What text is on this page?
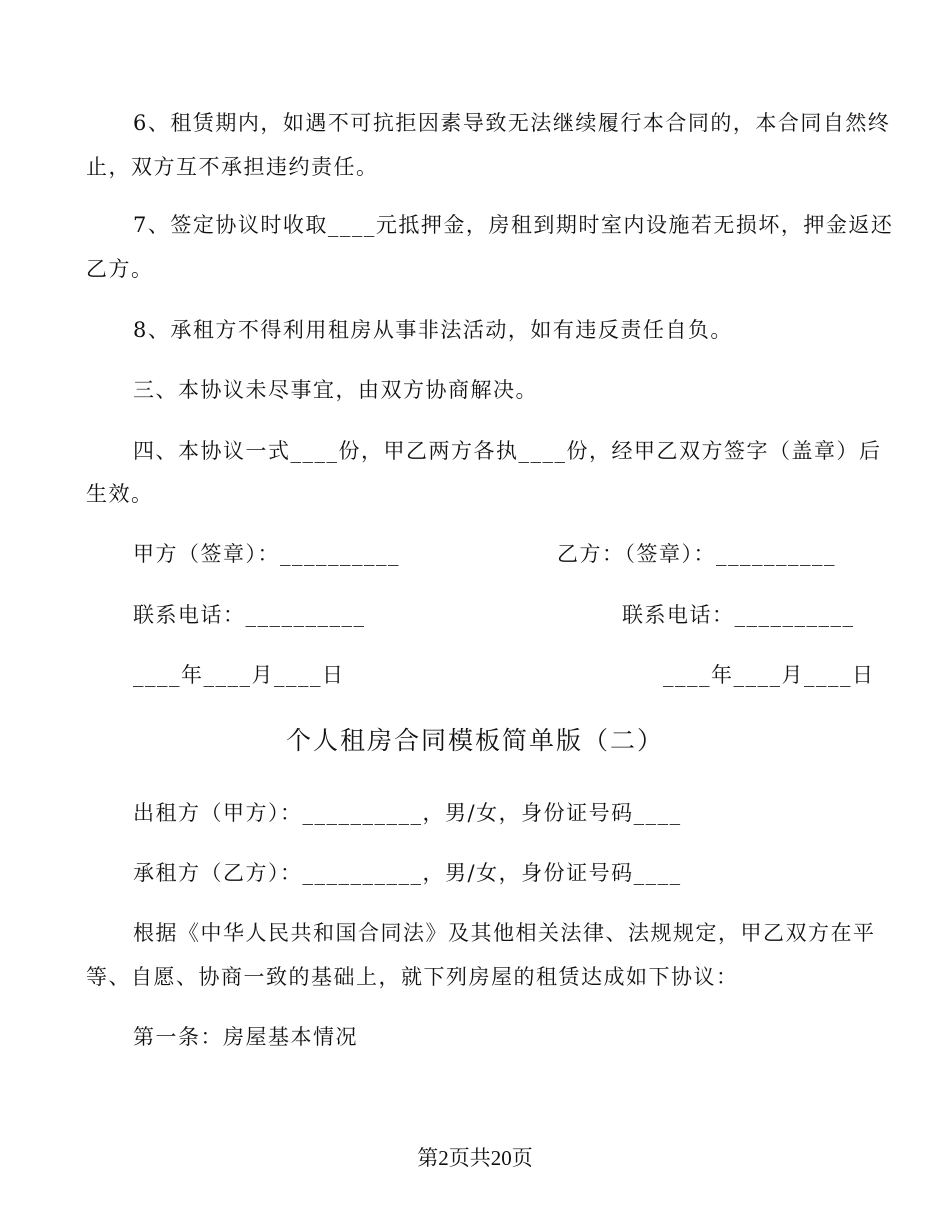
6、租赁期内，如遇不可抗拒因素导致无法继续履行本合同的，本合同自然终
止，双方互不承担违约责任。
7、签定协议时收取____元抵押金，房租到期时室内设施若无损坏，押金返还
乙方。
8、承租方不得利用租房从事非法活动，如有违反责任自负。
三、本协议未尽事宜，由双方协商解决。
四、本协议一式____份，甲乙两方各执____份，经甲乙双方签字（盖章）后
生效。
甲方（签章）：__________	乙方：（签章）：__________
联系电话：__________	联系电话：__________
____年____月____日	____年____月____日
个人租房合同模板简单版（二）
出租方（甲方）：__________，男/女，身份证号码____
承租方（乙方）：__________，男/女，身份证号码____
根据《中华人民共和国合同法》及其他相关法律、法规规定，甲乙双方在平
等、自愿、协商一致的基础上，就下列房屋的租赁达成如下协议：
第一条：房屋基本情况
第2页共20页
